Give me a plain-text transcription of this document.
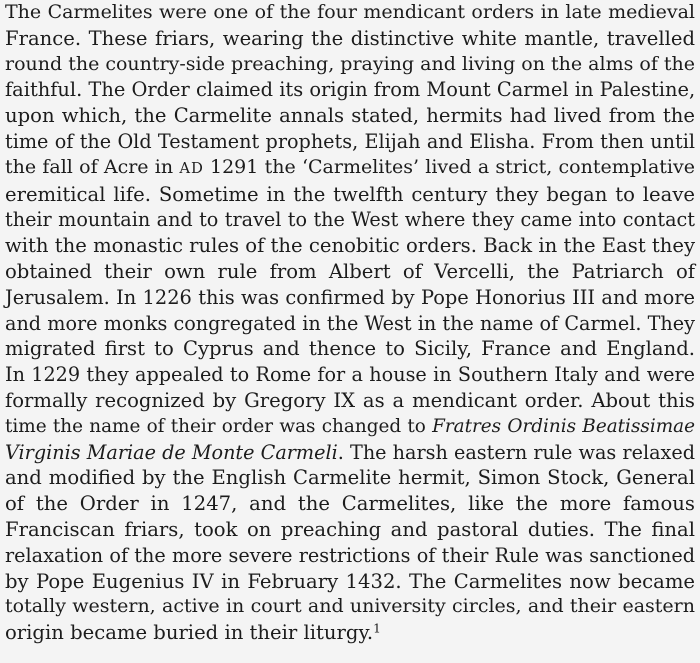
The Carmelites were one of the four mendicant orders in late medieval
France. These friars, wearing the distinctive white mantle, travelled
round the country-side preaching, praying and living on the alms of the
faithful. The Order claimed its origin from Mount Carmel in Palestine,
upon which, the Carmelite annals stated, hermits had lived from the
time of the Old Testament prophets, Elijah and Elisha. From then until
the fall of Acre in AD 1291 the ‘Carmelites’ lived a strict, contemplative
eremitical life. Sometime in the twelfth century they began to leave
their mountain and to travel to the West where they came into contact
with the monastic rules of the cenobitic orders. Back in the East they
obtained their own rule from Albert of Vercelli, the Patriarch of
Jerusalem. In 1226 this was confirmed by Pope Honorius III and more
and more monks congregated in the West in the name of Carmel. They
migrated first to Cyprus and thence to Sicily, France and England.
In 1229 they appealed to Rome for a house in Southern Italy and were
formally recognized by Gregory IX as a mendicant order. About this
time the name of their order was changed to Fratres Ordinis Beatissimae
Virginis Mariae de Monte Carmeli. The harsh eastern rule was relaxed
and modified by the English Carmelite hermit, Simon Stock, General
of the Order in 1247, and the Carmelites, like the more famous
Franciscan friars, took on preaching and pastoral duties. The final
relaxation of the more severe restrictions of their Rule was sanctioned
by Pope Eugenius IV in February 1432. The Carmelites now became
totally western, active in court and university circles, and their eastern
origin became buried in their liturgy.$^1$
